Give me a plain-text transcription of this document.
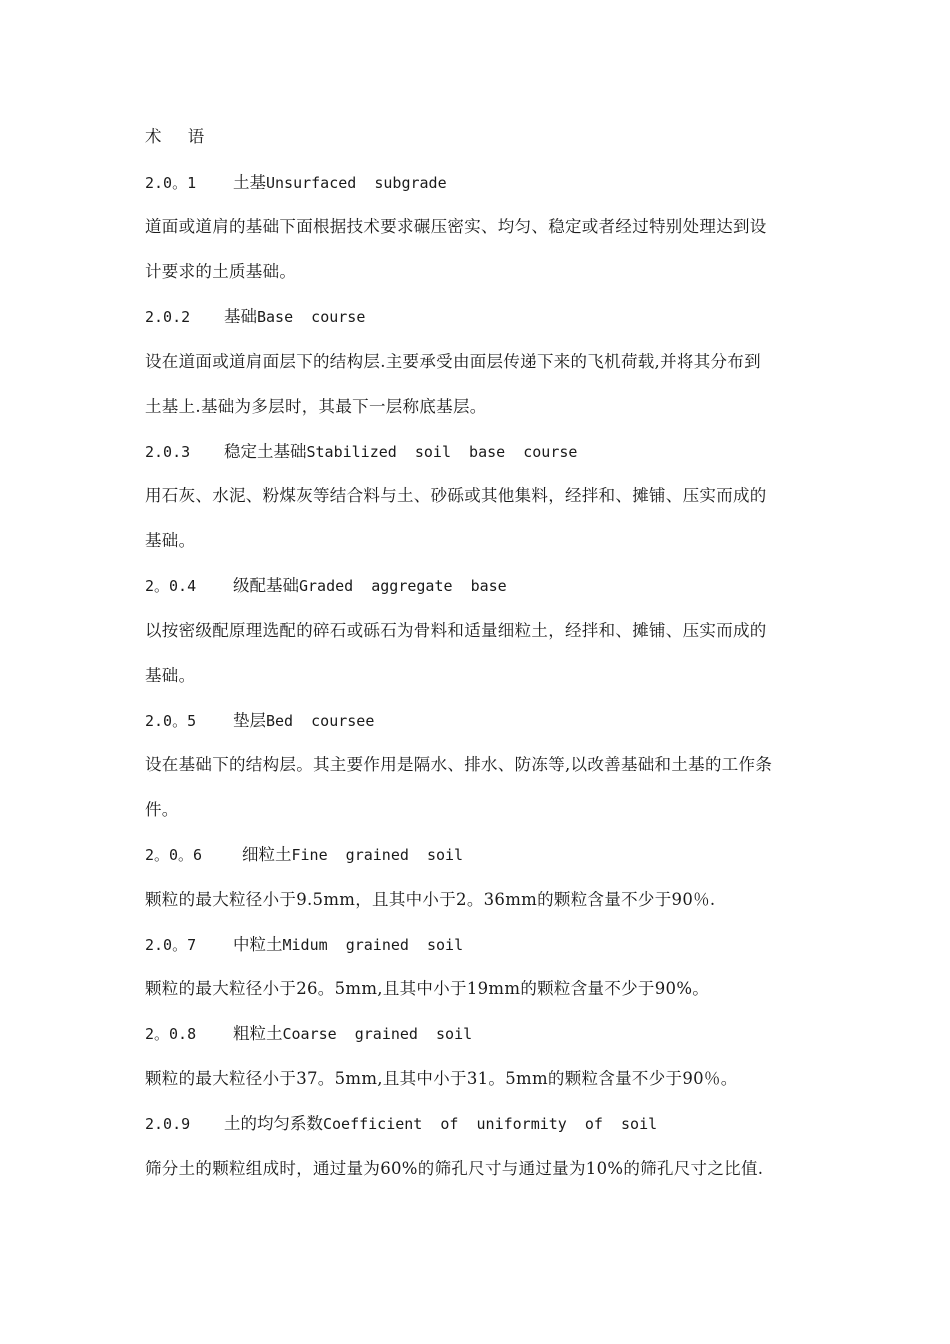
术     语

2.0。1 土基Unsurfaced  subgrade

道面或道肩的基础下面根据技术要求碾压密实、均匀、稳定或者经过特别处理达到设

计要求的土质基础。

2.0.2 基础Base  course

设在道面或道肩面层下的结构层.主要承受由面层传递下来的飞机荷载,并将其分布到

土基上.基础为多层时，其最下一层称底基层。

2.0.3 稳定土基础Stabilized  soil  base  course

用石灰、水泥、粉煤灰等结合料与土、砂砾或其他集料，经拌和、摊铺、压实而成的

基础。

2。0.4 级配基础Graded  aggregate  base

以按密级配原理选配的碎石或砾石为骨料和适量细粒土，经拌和、摊铺、压实而成的

基础。

2.0。5 垫层Bed  coursee

设在基础下的结构层。其主要作用是隔水、排水、防冻等,以改善基础和土基的工作条

件。

2。0。6 细粒土Fine  grained  soil

颗粒的最大粒径小于9.5mm，且其中小于2。36mm的颗粒含量不少于90％.

2.0。7 中粒土Midum  grained  soil

颗粒的最大粒径小于26。5mm,且其中小于19mm的颗粒含量不少于90%。

2。0.8 粗粒土Coarse  grained  soil

颗粒的最大粒径小于37。5mm,且其中小于31。5mm的颗粒含量不少于90％。

2.0.9 土的均匀系数Coefficient  of  uniformity  of  soil

筛分土的颗粒组成时，通过量为60%的筛孔尺寸与通过量为10%的筛孔尺寸之比值.
